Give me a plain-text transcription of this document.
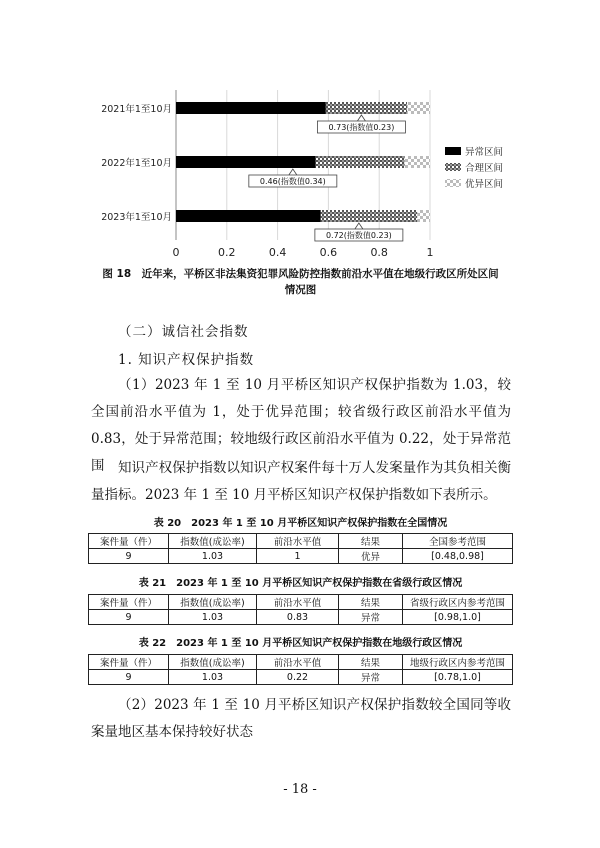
0.73(指数值0.23)
0.46(指数值0.34)
0.72(指数值0.23)
0	0.2	0.4	0.6	0.8	1
2021年1至10月
2022年1至10月
2023年1至10月
异常区间
合理区间
优异区间
图 18　近年来，平桥区非法集资犯罪风险防控指数前沿水平值在地级行政区所处区间
情况图
（二）诚信社会指数
1. 知识产权保护指数
（1）2023 年 1 至 10 月平桥区知识产权保护指数为 1.03，较全国前沿水平值为 1，处于优异范围；较省级行政区前沿水平值为 0.83，处于异常范围；较地级行政区前沿水平值为 0.22，处于异常范围	知识产权保护指数以知识产权案件每十万人发案量作为其负相关衡量指标。2023 年 1 至 10 月平桥区知识产权保护指数如下表所示。
表 20　2023 年 1 至 10 月平桥区知识产权保护指数在全国情况
案件量（件）	指数值(成讼率)	前沿水平值	结果	全国参考范围
9	1.03	1	优异	[0.48,0.98]
表 21　2023 年 1 至 10 月平桥区知识产权保护指数在省级行政区情况
案件量（件）	指数值(成讼率)	前沿水平值	结果	省级行政区内参考范围
9	1.03	0.83	异常	[0.98,1.0]
表 22　2023 年 1 至 10 月平桥区知识产权保护指数在地级行政区情况
案件量（件）	指数值(成讼率)	前沿水平值	结果	地级行政区内参考范围
9	1.03	0.22	异常	[0.78,1.0]
（2）2023 年 1 至 10 月平桥区知识产权保护指数较全国同等收案量地区基本保持较好状态
- 18 -
